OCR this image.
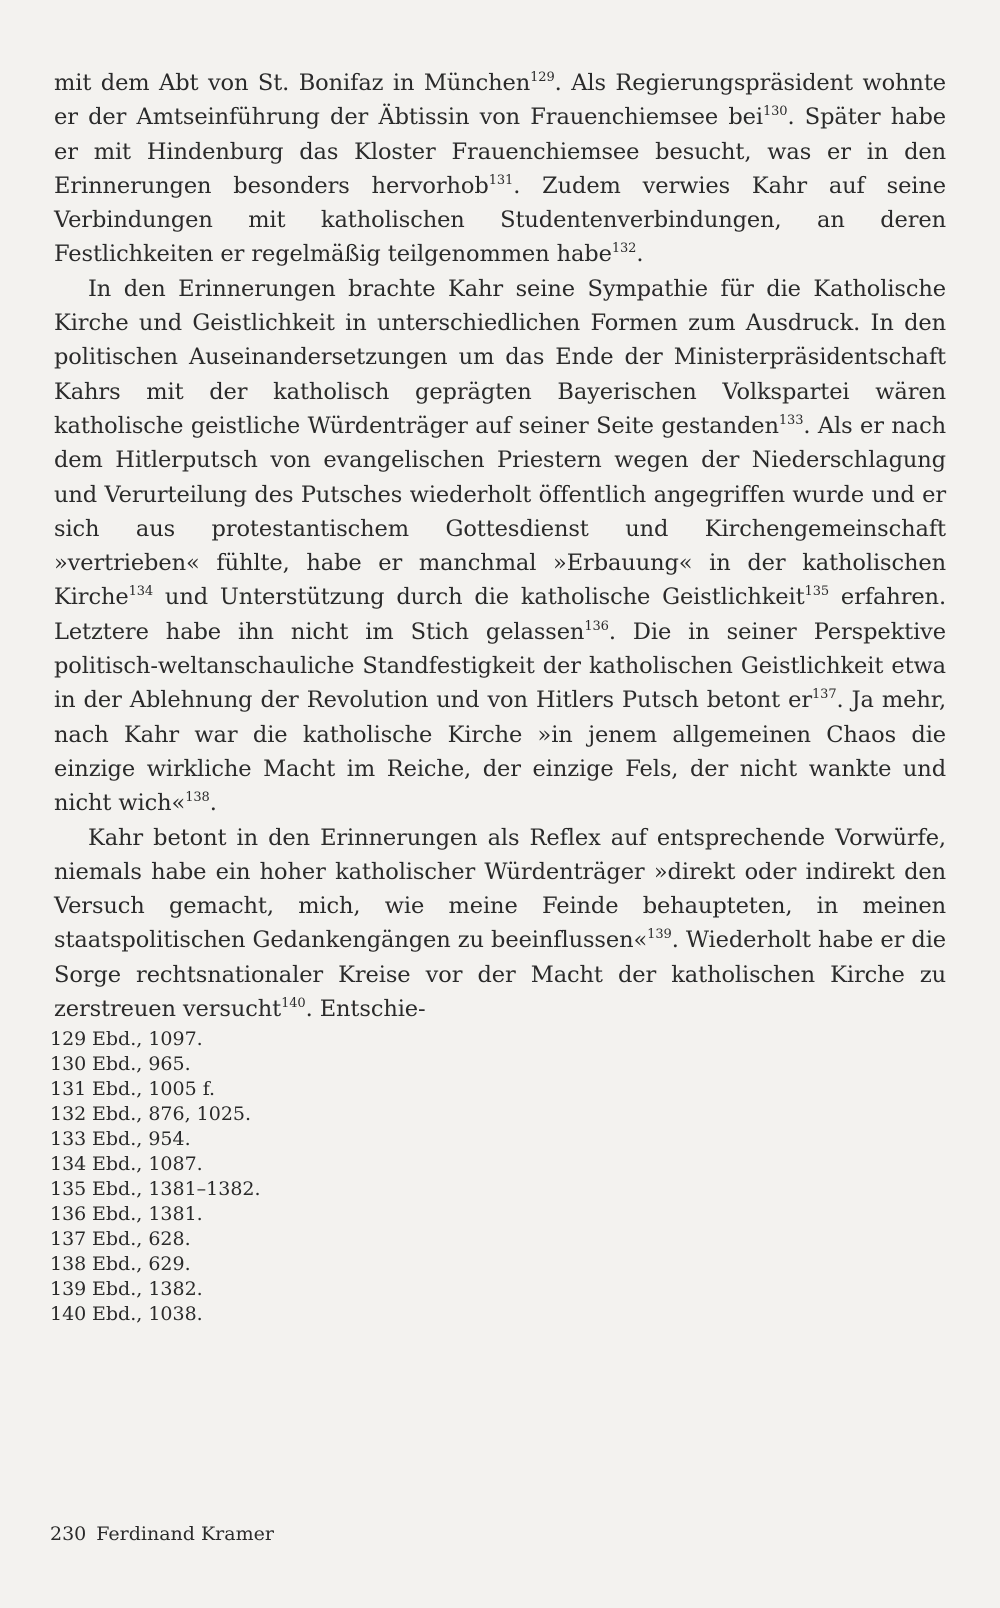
mit dem Abt von St. Bonifaz in München$^{129}$. Als Regierungspräsident wohnte er der Amtseinführung der Äbtissin von Frauenchiemsee bei$^{130}$. Später habe er mit Hindenburg das Kloster Frauenchiemsee besucht, was er in den Erinnerungen besonders hervorhob$^{131}$. Zudem verwies Kahr auf seine Verbindungen mit katholischen Studentenverbindungen, an deren Festlichkeiten er regelmäßig teilgenommen habe$^{132}$.

In den Erinnerungen brachte Kahr seine Sympathie für die Katholische Kirche und Geistlichkeit in unterschiedlichen Formen zum Ausdruck. In den politischen Auseinandersetzungen um das Ende der Ministerpräsidentschaft Kahrs mit der katholisch geprägten Bayerischen Volkspartei wären katholische geistliche Würdenträger auf seiner Seite gestanden$^{133}$. Als er nach dem Hitlerputsch von evangelischen Priestern wegen der Niederschlagung und Verurteilung des Putsches wiederholt öffentlich angegriffen wurde und er sich aus protestantischem Gottesdienst und Kirchengemeinschaft »vertrieben« fühlte, habe er manchmal »Erbauung« in der katholischen Kirche$^{134}$ und Unterstützung durch die katholische Geistlichkeit$^{135}$ erfahren. Letztere habe ihn nicht im Stich gelassen$^{136}$. Die in seiner Perspektive politisch-weltanschauliche Standfestigkeit der katholischen Geistlichkeit etwa in der Ablehnung der Revolution und von Hitlers Putsch betont $er^{137}$. Ja mehr, nach Kahr war die katholische Kirche »in jenem allgemeinen Chaos die einzige wirkliche Macht im Reiche, der einzige Fels, der nicht wankte und nicht wich«$^{138}$.

Kahr betont in den Erinnerungen als Reflex auf entsprechende Vorwürfe, niemals habe ein hoher katholischer Würdenträger »direkt oder indirekt den Versuch gemacht, mich, wie meine Feinde behaupteten, in meinen staatspolitischen Gedankengängen zu beeinflussen«$^{139}$. Wiederholt habe er die Sorge rechtsnationaler Kreise vor der Macht der katholischen Kirche zu zerstreuen versucht$^{140}$. Entschie-

129 Ebd., 1097.
130 Ebd., 965.
131 Ebd., 1005 f.
132 Ebd., 876, 1025.
133 Ebd., 954.
134 Ebd., 1087.
135 Ebd., 1381–1382.
136 Ebd., 1381.
137 Ebd., 628.
138 Ebd., 629.
139 Ebd., 1382.
140 Ebd., 1038.
230 Ferdinand Kramer
